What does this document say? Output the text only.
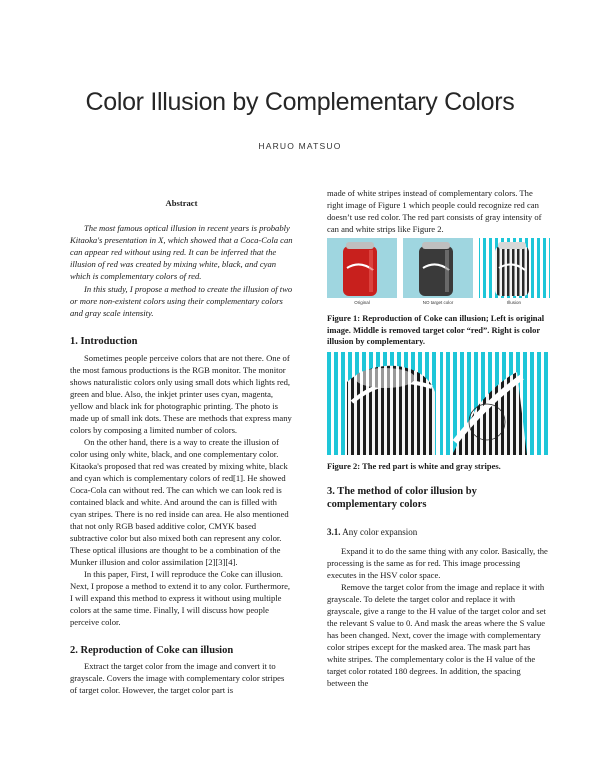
Color Illusion by Complementary Colors
HARUO MATSUO
Abstract

The most famous optical illusion in recent years is probably Kitaoka's presentation in X, which showed that a Coca-Cola can can appear red without using red. It can be inferred that the illusion of red was created by mixing white, black, and cyan which is complementary colors of red.

In this study, I propose a method to create the illusion of two or more non-existent colors using their complementary colors and gray scale intensity.

1. Introduction

Sometimes people perceive colors that are not there. One of the most famous productions is the RGB monitor. The monitor shows naturalistic colors only using small dots which lights red, green and blue. Also, the inkjet printer uses cyan, magenta, yellow and black ink for photographic printing. The photo is made up of small ink dots. These are methods that express many colors by composing a limited number of colors.

On the other hand, there is a way to create the illusion of color using only white, black, and one complementary color. Kitaoka's proposed that red was created by mixing white, black and cyan which is complementary colors of red[1]. He showed Coca-Cola can without red. The can which we can look red is contained black and white. And around the can is filled with cyan stripes. There is no red inside can area. He also mentioned that not only RGB based additive color, CMYK based subtractive color but also mixed both can represent any color. These optical illusions are thought to be a combination of the Munker illusion and color assimilation [2][3][4].

In this paper, First, I will reproduce the Coke can illusion. Next, I propose a method to extend it to any color. Furthermore, I will expand this method to express it without using multiple colors at the same time. Finally, I will discuss how people perceive color.

2. Reproduction of Coke can illusion

Extract the target color from the image and convert it to grayscale. Covers the image with complementary color stripes of target color. However, the target color part is

made of white stripes instead of complementary colors. The right image of Figure 1 which people could recognize red can doesn’t use red color. The red part consists of gray intensity of can and white strips like Figure 2.

Original	NO target color	Illusion
Figure 1: Reproduction of Coke can illusion; Left is original image. Middle is removed target color “red”. Right is color illusion by complementary.
Figure 2: The red part is white and gray stripes.
3. The method of color illusion by complementary colors
3.1. Any color expansion

Expand it to do the same thing with any color. Basically, the processing is the same as for red. This image processing executes in the HSV color space.

Remove the target color from the image and replace it with grayscale. To delete the target color and replace it with grayscale, give a range to the H value of the target color and set the relevant S value to 0. And mask the areas where the S value has been changed. Next, cover the image with complementary color stripes except for the masked area. The mask part has white stripes. The complementary color is the H value of the target color rotated 180 degrees. In addition, the spacing between the
